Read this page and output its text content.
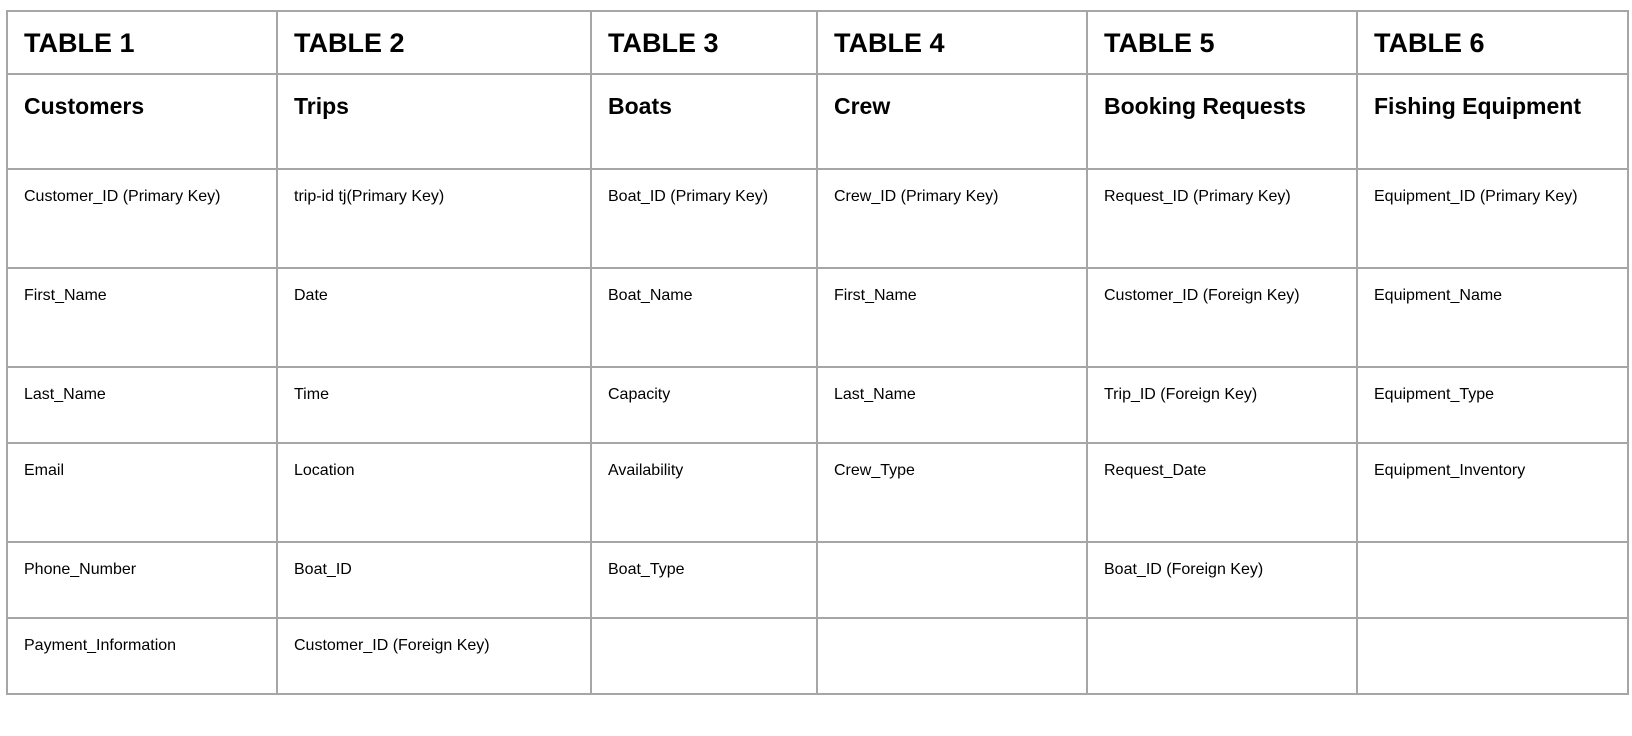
TABLE 1	TABLE 2	TABLE 3	TABLE 4	TABLE 5	TABLE 6
Customers	Trips	Boats	Crew	Booking Requests	Fishing Equipment
Customer_ID (Primary Key)	trip-id tj(Primary Key)	Boat_ID (Primary Key)	Crew_ID (Primary Key)	Request_ID (Primary Key)	Equipment_ID (Primary Key)
First_Name	Date	Boat_Name	First_Name	Customer_ID (Foreign Key)	Equipment_Name
Last_Name	Time	Capacity	Last_Name	Trip_ID (Foreign Key)	Equipment_Type
Email	Location	Availability	Crew_Type	Request_Date	Equipment_Inventory
Phone_Number	Boat_ID	Boat_Type		Boat_ID (Foreign Key)	
Payment_Information	Customer_ID (Foreign Key)				
